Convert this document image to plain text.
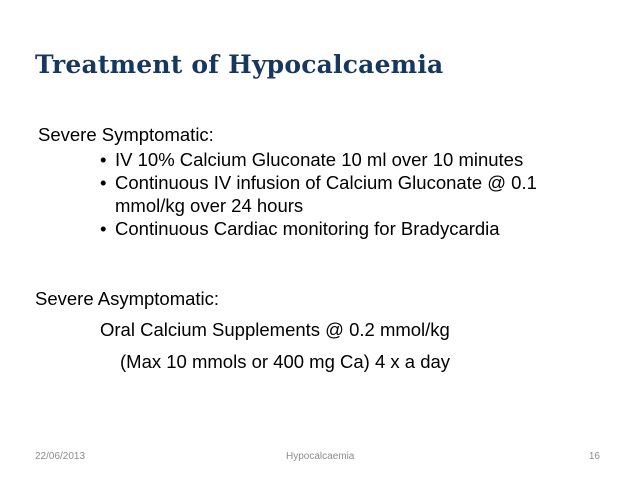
Treatment of Hypocalcaemia
Severe Symptomatic:
• IV 10% Calcium Gluconate 10 ml over 10 minutes
• Continuous IV infusion of Calcium Gluconate @ 0.1
mmol/kg over 24 hours
• Continuous Cardiac monitoring for Bradycardia
Severe Asymptomatic:
Oral Calcium Supplements @ 0.2 mmol/kg
(Max 10 mmols or 400 mg Ca) 4 x a day
22/06/2013	Hypocalcaemia	16
